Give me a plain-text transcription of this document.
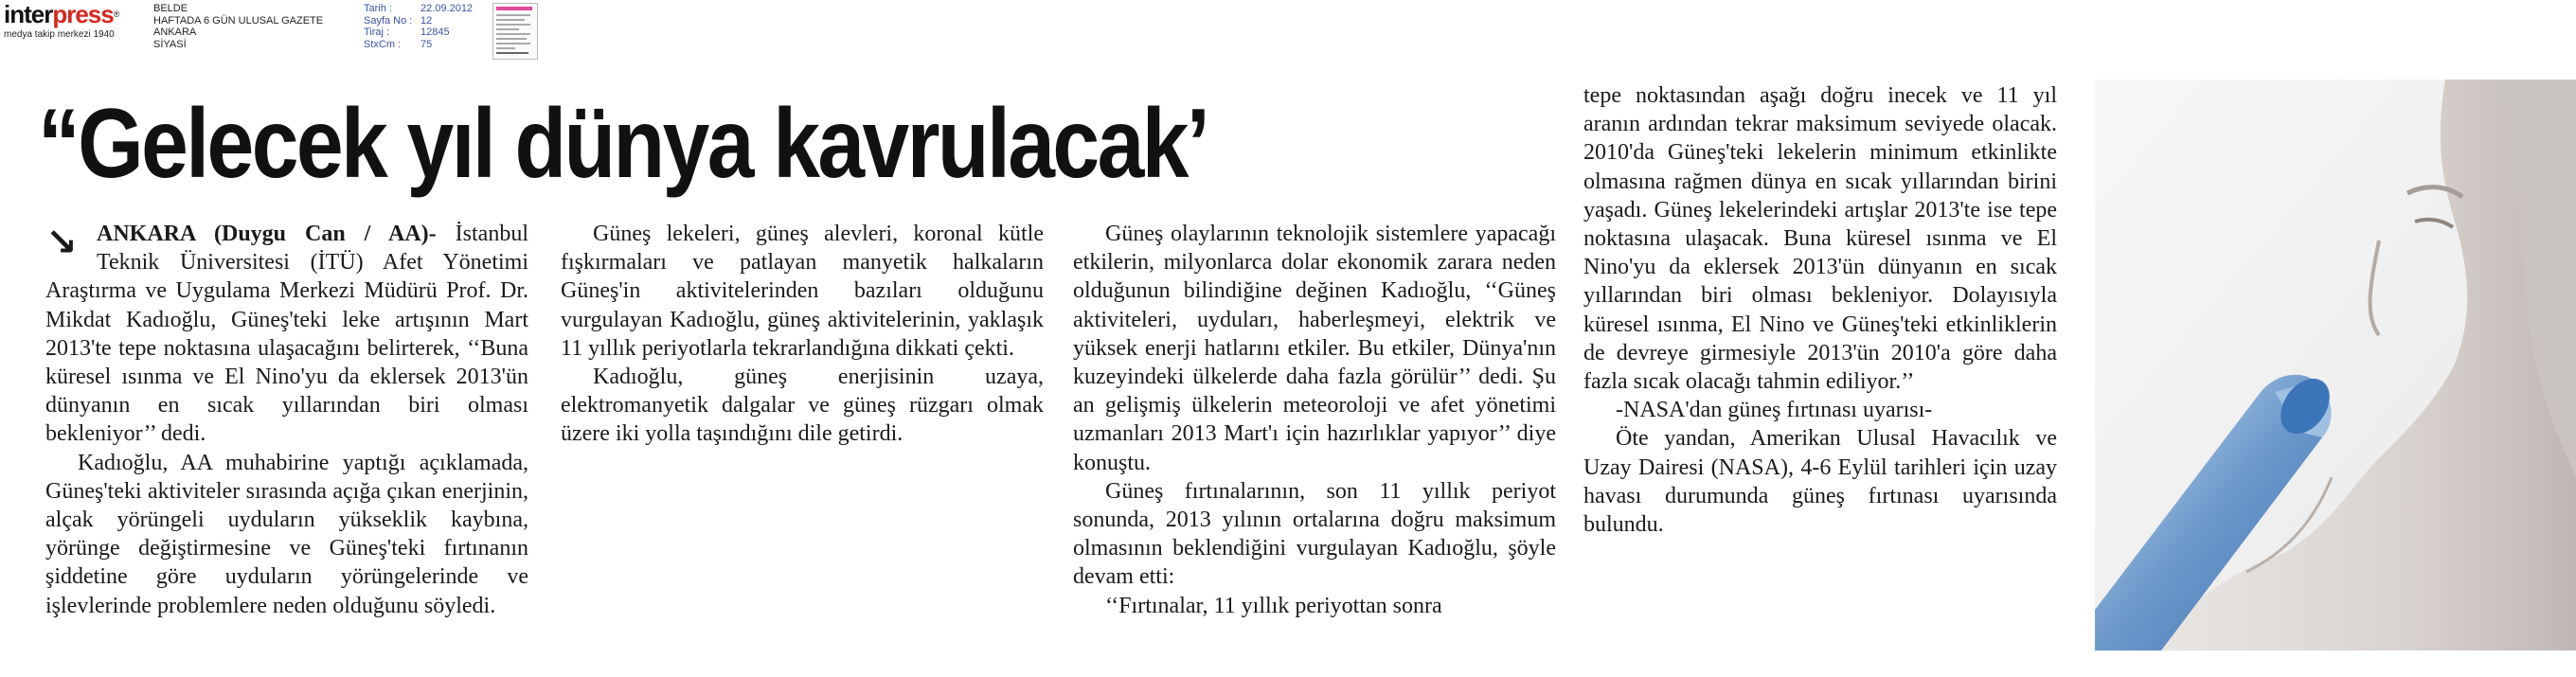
interpress®
medya takip merkezi 1940
BELDE
HAFTADA 6 GÜN ULUSAL GAZETE
ANKARA
SİYASİ
Tarih :	22.09.2012
Sayfa No : 12
Tiraj :	12845
StxCm :	75
“Gelecek yıl dünya kavrulacak’

↘ ANKARA (Duygu Can / AA)- İstanbul Teknik Üniversitesi (İTÜ) Afet Yönetimi Araştırma ve Uygulama Merkezi Müdürü Prof. Dr. Mikdat Kadıoğlu, Güneş'teki leke artışının Mart 2013'te tepe noktasına ulaşacağını belirterek, ‘‘Buna küresel ısınma ve El Nino'yu da eklersek 2013'ün dünyanın en sıcak yıllarından biri olması bekleniyor’’ dedi.

Kadıoğlu, AA muhabirine yaptığı açıklamada, Güneş'teki aktiviteler sırasında açığa çıkan enerjinin, alçak yörüngeli uyduların yükseklik kaybına, yörünge değiştirmesine ve Güneş'teki fırtınanın şiddetine göre uyduların yörüngelerinde ve işlevlerinde problemlere neden olduğunu söyledi.

Güneş lekeleri, güneş alevleri, koronal kütle fışkırmaları ve patlayan manyetik halkaların Güneş'in aktivitelerinden bazıları olduğunu vurgulayan Kadıoğlu, güneş aktivitelerinin, yaklaşık 11 yıllık periyotlarla tekrarlandığına dikkati çekti.

Kadıoğlu, güneş enerjisinin uzaya, elektromanyetik dalgalar ve güneş rüzgarı olmak üzere iki yolla taşındığını dile getirdi.

Güneş olaylarının teknolojik sistemlere yapacağı etkilerin, milyonlarca dolar ekonomik zarara neden olduğunun bilindiğine değinen Kadıoğlu, ‘‘Güneş aktiviteleri, uyduları, haberleşmeyi, elektrik ve yüksek enerji hatlarını etkiler. Bu etkiler, Dünya'nın kuzeyindeki ülkelerde daha fazla görülür’’ dedi. Şu an gelişmiş ülkelerin meteoroloji ve afet yönetimi uzmanları 2013 Mart'ı için hazırlıklar yapıyor’’ diye konuştu.

Güneş fırtınalarının, son 11 yıllık periyot sonunda, 2013 yılının ortalarına doğru maksimum olmasının beklendiğini vurgulayan Kadıoğlu, şöyle devam etti:

‘‘Fırtınalar, 11 yıllık periyottan sonra

tepe noktasından aşağı doğru inecek ve 11 yıl aranın ardından tekrar maksimum seviyede olacak. 2010'da Güneş'teki lekelerin minimum etkinlikte olmasına rağmen dünya en sıcak yıllarından birini yaşadı. Güneş lekelerindeki artışlar 2013'te ise tepe noktasına ulaşacak. Buna küresel ısınma ve El Nino'yu da eklersek 2013'ün dünyanın en sıcak yıllarından biri olması bekleniyor. Dolayısıyla küresel ısınma, El Nino ve Güneş'teki etkinliklerin de devreye girmesiyle 2013'ün 2010'a göre daha fazla sıcak olacağı tahmin ediliyor.’’

-NASA'dan güneş fırtınası uyarısı-

Öte yandan, Amerikan Ulusal Havacılık ve Uzay Dairesi (NASA), 4-6 Eylül tarihleri için uzay havası durumunda güneş fırtınası uyarısında bulundu.
